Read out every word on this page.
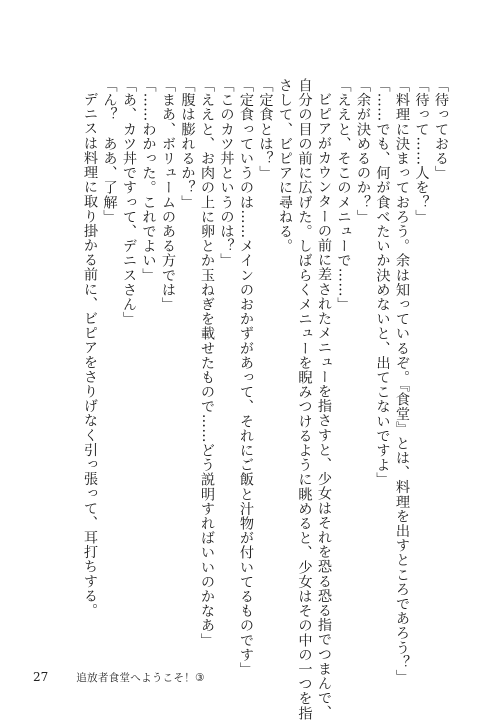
「待っておる」
「待って……人を？」
「料理に決まっておろう。余は知っているぞ。『食堂』とは、料理を出すところであろう？」
「……でも、何が食べたいか決めないと、出てこないですよ」
「余が決めるのか？」
「ええと、そこのメニューで……」
ビピアがカウンターの前に差されたメニューを指さすと、少女はそれを恐る恐る指でつまんで、
自分の目の前に広げた。しばらくメニューを睨みつけるように眺めると、少女はその中の一つを指
さして、ビピアに尋ねる。
「定食とは？」
「定食っていうのは……メインのおかずがあって、それにご飯と汁物が付いてるものです」
「このカツ丼というのは？」
「ええと、お肉の上に卵とか玉ねぎを載せたもので……どう説明すればいいのかなあ」
「腹は膨れるか？」
「まあ、ボリュームのある方では」
「……わかった。これでよい」
「あ、カツ丼ですって、デニスさん」
「ん？　ああ、了解」
デニスは料理に取り掛かる前に、ビピアをさりげなく引っ張って、耳打ちする。
27	追放者食堂へようこそ！③
